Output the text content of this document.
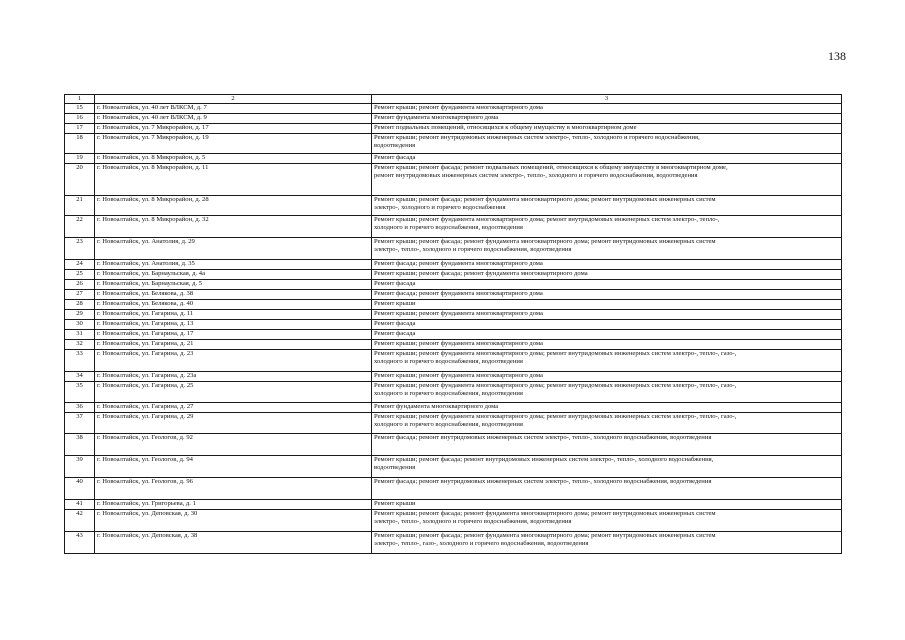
138
1	2	3
15	г. Новоалтайск, ул. 40 лет ВЛКСМ, д. 7	Ремонт крыши; ремонт фундамента многоквартирного дома

16	г. Новоалтайск, ул. 40 лет ВЛКСМ, д. 9	Ремонт фундамента многоквартирного дома

17	г. Новоалтайск, ул. 7 Микрорайон, д. 17	Ремонт подвальных помещений, относящихся к общему имуществу в многоквартирном доме

18	г. Новоалтайск, ул. 7 Микрорайон, д. 19	Ремонт крыши; ремонт внутридомовых инженерных систем электро-, тепло-, холодного и горячего водоснабжения,
водоотведения

19	г. Новоалтайск, ул. 8 Микрорайон, д. 5	Ремонт фасада

20	г. Новоалтайск, ул. 8 Микрорайон, д. 11	Ремонт крыши; ремонт фасада; ремонт подвальных помещений, относящихся к общему имуществу в многоквартирном доме,
ремонт внутридомовых инженерных систем электро-, тепло-, холодного и горячего водоснабжения, водоотведения

21	г. Новоалтайск, ул. 8 Микрорайон, д. 28	Ремонт крыши; ремонт фасада; ремонт фундамента многоквартирного дома; ремонт внутридомовых инженерных систем
электро-, холодного и горячего водоснабжения

22	г. Новоалтайск, ул. 8 Микрорайон, д. 32	Ремонт крыши; ремонт фундамента многоквартирного дома; ремонт внутридомовых инженерных систем электро-, тепло-,
холодного и горячего водоснабжения, водоотведения

23	г. Новоалтайск, ул. Анатолия, д. 29	Ремонт крыши; ремонт фасада; ремонт фундамента многоквартирного дома; ремонт внутридомовых инженерных систем
электро-, тепло-, холодного и горячего водоснабжения, водоотведения

24	г. Новоалтайск, ул. Анатолия, д. 35	Ремонт фасада; ремонт фундамента многоквартирного дома

25	г. Новоалтайск, ул. Барнаульская, д. 4а	Ремонт крыши; ремонт фасада; ремонт фундамента многоквартирного дома

26	г. Новоалтайск, ул. Барнаульская, д. 5	Ремонт фасада

27	г. Новоалтайск, ул. Белякова, д. 38	Ремонт фасада; ремонт фундамента многоквартирного дома

28	г. Новоалтайск, ул. Белякова, д. 40	Ремонт крыши

29	г. Новоалтайск, ул. Гагарина, д. 11	Ремонт крыши; ремонт фундамента многоквартирного дома

30	г. Новоалтайск, ул. Гагарина, д. 13	Ремонт фасада

31	г. Новоалтайск, ул. Гагарина, д. 17	Ремонт фасада

32	г. Новоалтайск, ул. Гагарина, д. 21	Ремонт крыши; ремонт фундамента многоквартирного дома

33	г. Новоалтайск, ул. Гагарина, д. 23	Ремонт крыши; ремонт фундамента многоквартирного дома; ремонт внутридомовых инженерных систем электро-, тепло-, газо-,
холодного и горячего водоснабжения, водоотведения

34	г. Новоалтайск, ул. Гагарина, д. 23а	Ремонт крыши; ремонт фундамента многоквартирного дома

35	г. Новоалтайск, ул. Гагарина, д. 25	Ремонт крыши; ремонт фундамента многоквартирного дома; ремонт внутридомовых инженерных систем электро-, тепло-, газо-,
холодного и горячего водоснабжения, водоотведения

36	г. Новоалтайск, ул. Гагарина, д. 27	Ремонт фундамента многоквартирного дома

37	г. Новоалтайск, ул. Гагарина, д. 29	Ремонт крыши; ремонт фундамента многоквартирного дома; ремонт внутридомовых инженерных систем электро-, тепло-, газо-,
холодного и горячего водоснабжения, водоотведения

38	г. Новоалтайск, ул. Геологов, д. 92	Ремонт фасада; ремонт внутридомовых инженерных систем электро-, тепло-, холодного водоснабжения, водоотведения

39	г. Новоалтайск, ул. Геологов, д. 94	Ремонт крыши; ремонт фасада; ремонт внутридомовых инженерных систем электро-, тепло-, холодного водоснабжения,
водоотведения

40	г. Новоалтайск, ул. Геологов, д. 96	Ремонт фасада; ремонт внутридомовых инженерных систем электро-, тепло-, холодного водоснабжения, водоотведения

41	г. Новоалтайск, ул. Григорьева, д. 1	Ремонт крыши

42	г. Новоалтайск, ул. Деповская, д. 30	Ремонт крыши; ремонт фасада; ремонт фундамента многоквартирного дома; ремонт внутридомовых инженерных систем
электро-, тепло-, холодного и горячего водоснабжения, водоотведения

43	г. Новоалтайск, ул. Деповская, д. 38	Ремонт крыши; ремонт фасада; ремонт фундамента многоквартирного дома; ремонт внутридомовых инженерных систем
электро-, тепло-, газо-, холодного и горячего водоснабжения, водоотведения
